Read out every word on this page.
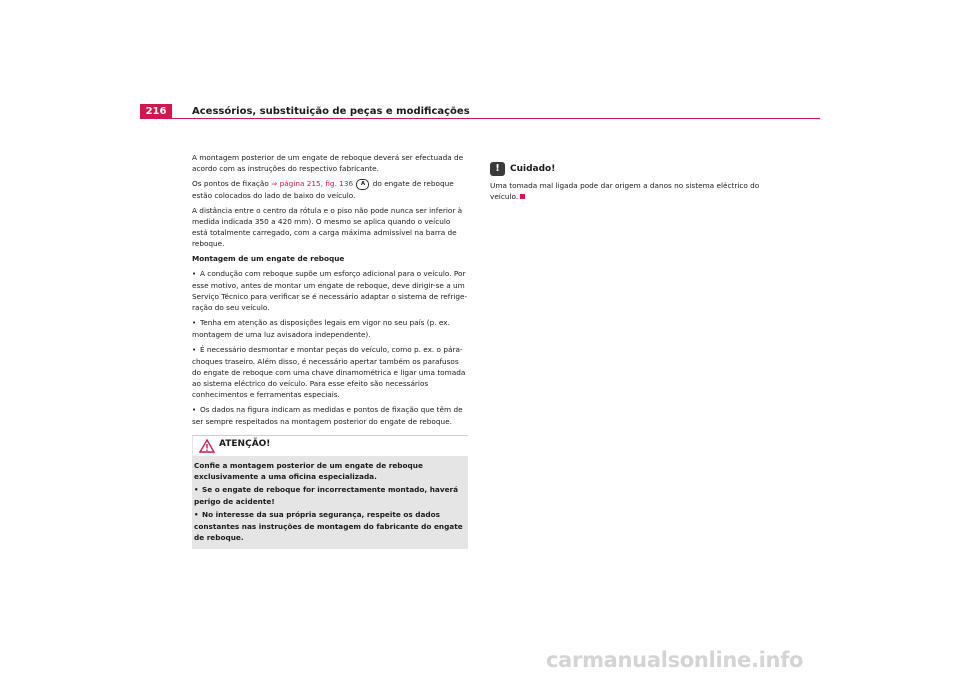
216	Acessórios, substituição de peças e modificações

A montagem posterior de um engate de reboque deverá ser efectuada de acordo com as instruções do respectivo fabricante.

Os pontos de fixação ⇒ página 215, fig. 136 A do engate de reboque estão colocados do lado de baixo do veículo.

A distância entre o centro da rótula e o piso não pode nunca ser inferior à medida indicada 350 a 420 mm). O mesmo se aplica quando o veículo está totalmente carregado, com a carga máxima admissível na barra de reboque.

Montagem de um engate de reboque

• A condução com reboque supõe um esforço adicional para o veículo. Por esse motivo, antes de montar um engate de reboque, deve dirigir-se a um Serviço Técnico para verificar se é necessário adaptar o sistema de refrigeração do seu veículo.

• Tenha em atenção as disposições legais em vigor no seu país (p. ex. montagem de uma luz avisadora independente).

• É necessário desmontar e montar peças do veículo, como p. ex. o pára-choques traseiro. Além disso, é necessário apertar também os parafusos do engate de reboque com uma chave dinamométrica e ligar uma tomada ao sistema eléctrico do veículo. Para esse efeito são necessários conhecimentos e ferramentas especiais.

• Os dados na figura indicam as medidas e pontos de fixação que têm de ser sempre respeitados na montagem posterior do engate de reboque.

ATENÇÃO!

Confie a montagem posterior de um engate de reboque exclusivamente a uma oficina especializada.

• Se o engate de reboque for incorrectamente montado, haverá perigo de acidente!

• No interesse da sua própria segurança, respeite os dados constantes nas instruções de montagem do fabricante do engate de reboque.

!	Cuidado!

Uma tomada mal ligada pode dar origem a danos no sistema eléctrico do veículo.

carmanualsonline.info
